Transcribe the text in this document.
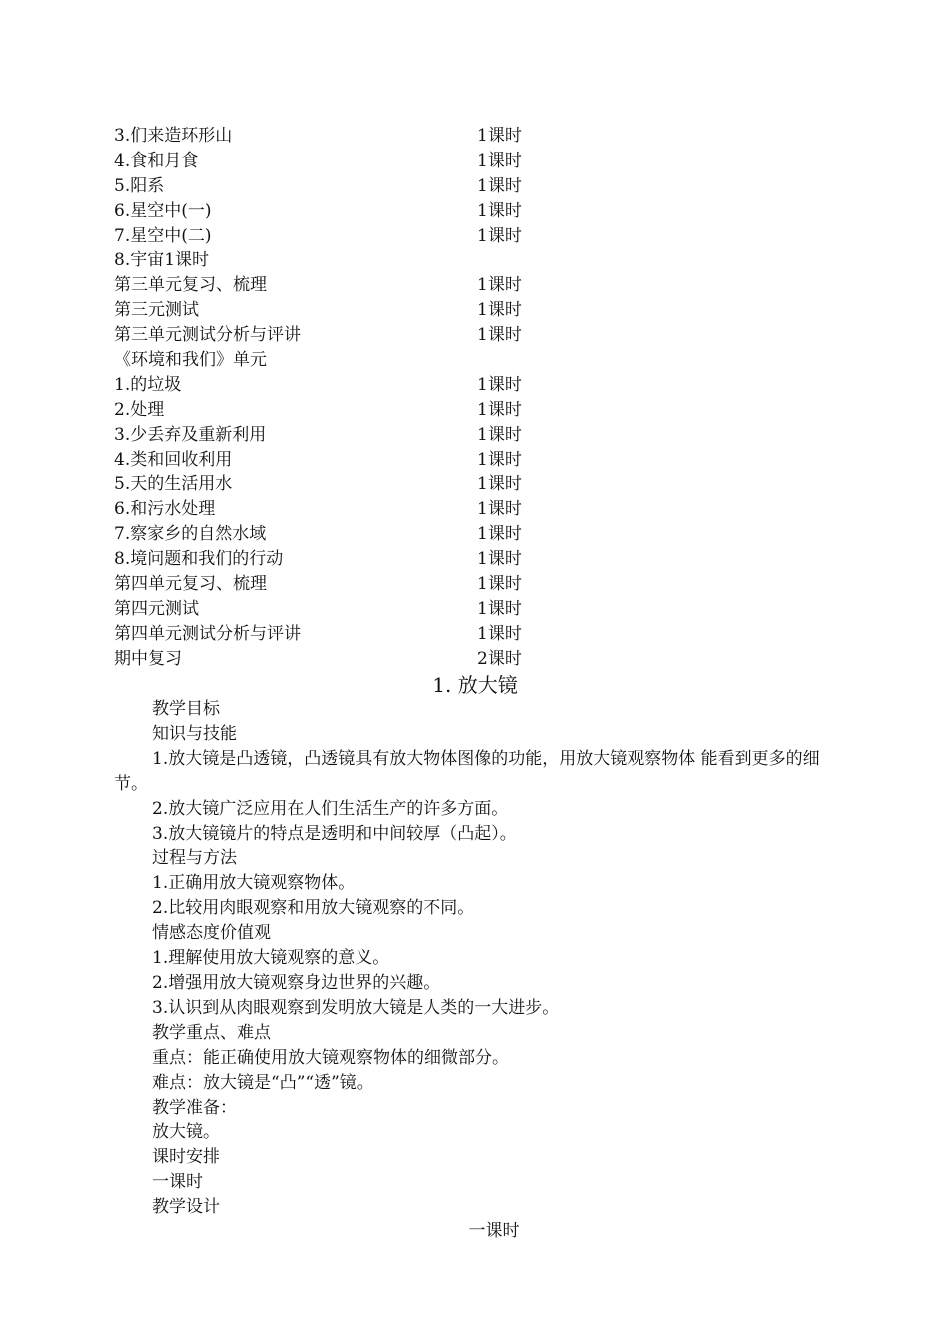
3.们来造环形山	1课时
4.食和月食	1课时
5.阳系	1课时
6.星空中(一)	1课时
7.星空中(二)	1课时
8.宇宙1课时
第三单元复习、梳理	1课时
第三元测试	1课时
第三单元测试分析与评讲	1课时
《环境和我们》单元
1.的垃圾	1课时
2.处理	1课时
3.少丢弃及重新利用	1课时
4.类和回收利用	1课时
5.天的生活用水	1课时
6.和污水处理	1课时
7.察家乡的自然水域	1课时
8.境问题和我们的行动	1课时
第四单元复习、梳理	1课时
第四元测试	1课时
第四单元测试分析与评讲	1课时
期中复习	2课时
1. 放大镜
教学目标
知识与技能
1.放大镜是凸透镜，凸透镜具有放大物体图像的功能，用放大镜观察物体 能看到更多的细节。
2.放大镜广泛应用在人们生活生产的许多方面。
3.放大镜镜片的特点是透明和中间较厚（凸起）。
过程与方法
1.正确用放大镜观察物体。
2.比较用肉眼观察和用放大镜观察的不同。
情感态度价值观
1.理解使用放大镜观察的意义。
2.增强用放大镜观察身边世界的兴趣。
3.认识到从肉眼观察到发明放大镜是人类的一大进步。
教学重点、难点
重点：能正确使用放大镜观察物体的细微部分。
难点：放大镜是“凸”“透”镜。
教学准备：
放大镜。
课时安排
一课时
教学设计
一课时
